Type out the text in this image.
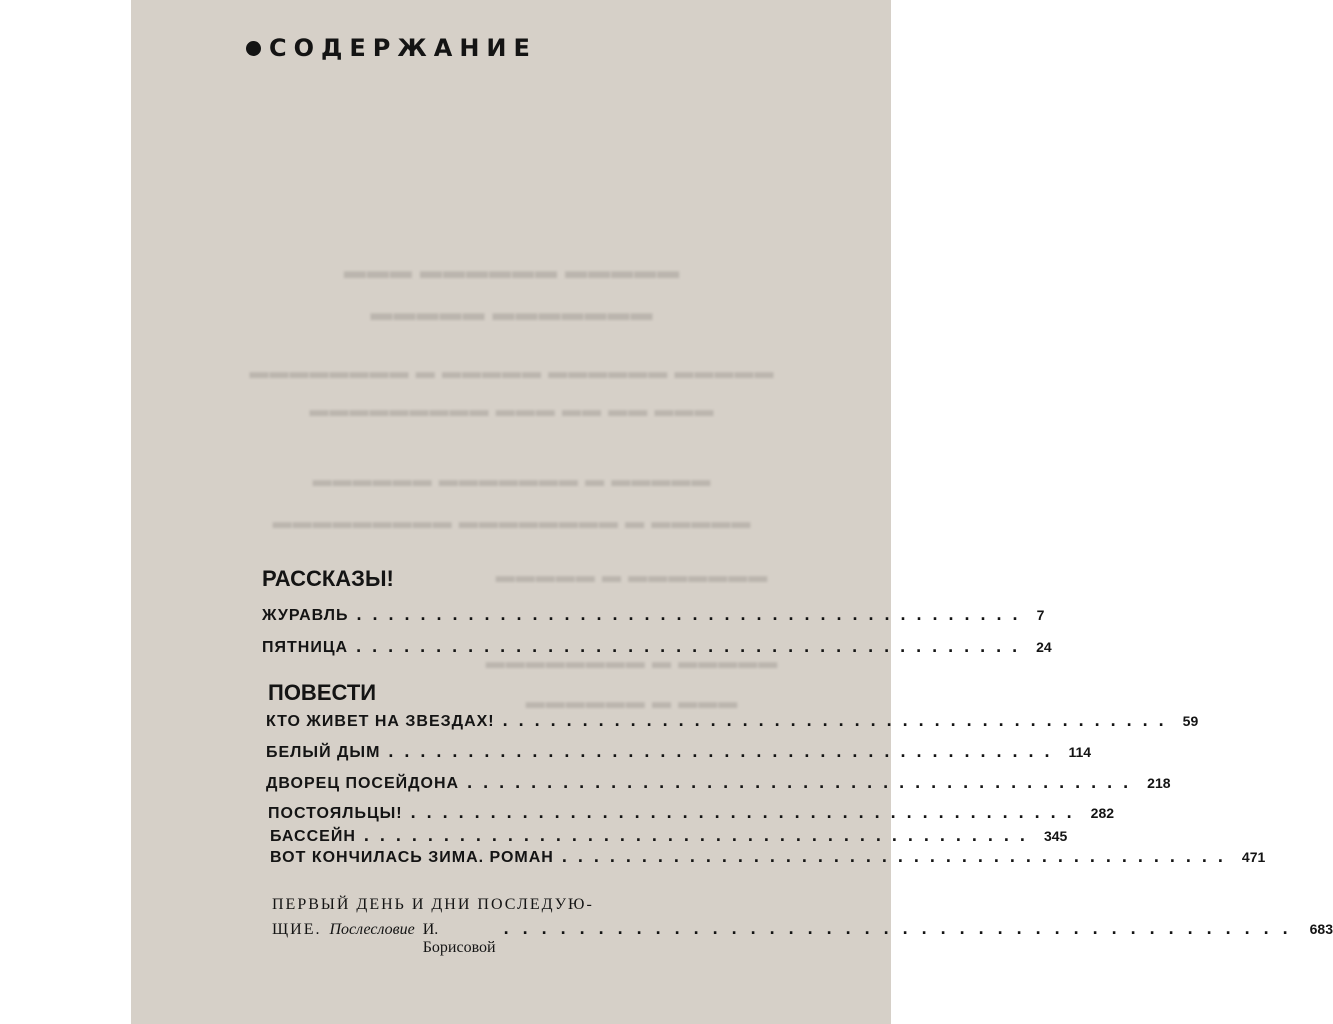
СОДЕРЖАНИЕ
▬▬▬ ▬▬▬▬▬▬ ▬▬▬▬▬
▬▬▬▬▬ ▬▬▬▬▬▬▬
▬▬▬▬▬▬▬▬ ▬ ▬▬▬▬▬ ▬▬▬▬▬▬ ▬▬▬▬▬
▬▬▬▬▬▬▬▬▬ ▬▬▬ ▬▬ ▬▬ ▬▬▬
▬▬▬▬▬▬ ▬▬▬▬▬▬▬ ▬ ▬▬▬▬▬
▬▬▬▬▬▬▬▬▬ ▬▬▬▬▬▬▬▬ ▬ ▬▬▬▬▬
▬▬▬▬▬ ▬ ▬▬▬▬▬▬▬
▬▬▬▬▬▬▬▬ ▬ ▬▬▬▬▬
▬▬▬▬▬▬ ▬ ▬▬▬
РАССКАЗЫ!
ЖУРАВЛЬ .......................................... 7
ПЯТНИЦА .......................................... 24
ПОВЕСТИ
КТО ЖИВЕТ НА ЗВЕЗДАХ! .......................................... 59
БЕЛЫЙ ДЫМ .......................................... 114
ДВОРЕЦ ПОСЕЙДОНА .......................................... 218
ПОСТОЯЛЬЦЫ! .......................................... 282
БАССЕЙН .......................................... 345
ВОТ КОНЧИЛАСЬ ЗИМА. РОМАН .......................................... 471
ПЕРВЫЙ ДЕНЬ И ДНИ ПОСЛЕДУЮ-
ЩИЕ. Послесловие И. Борисовой
.......................................... 683
